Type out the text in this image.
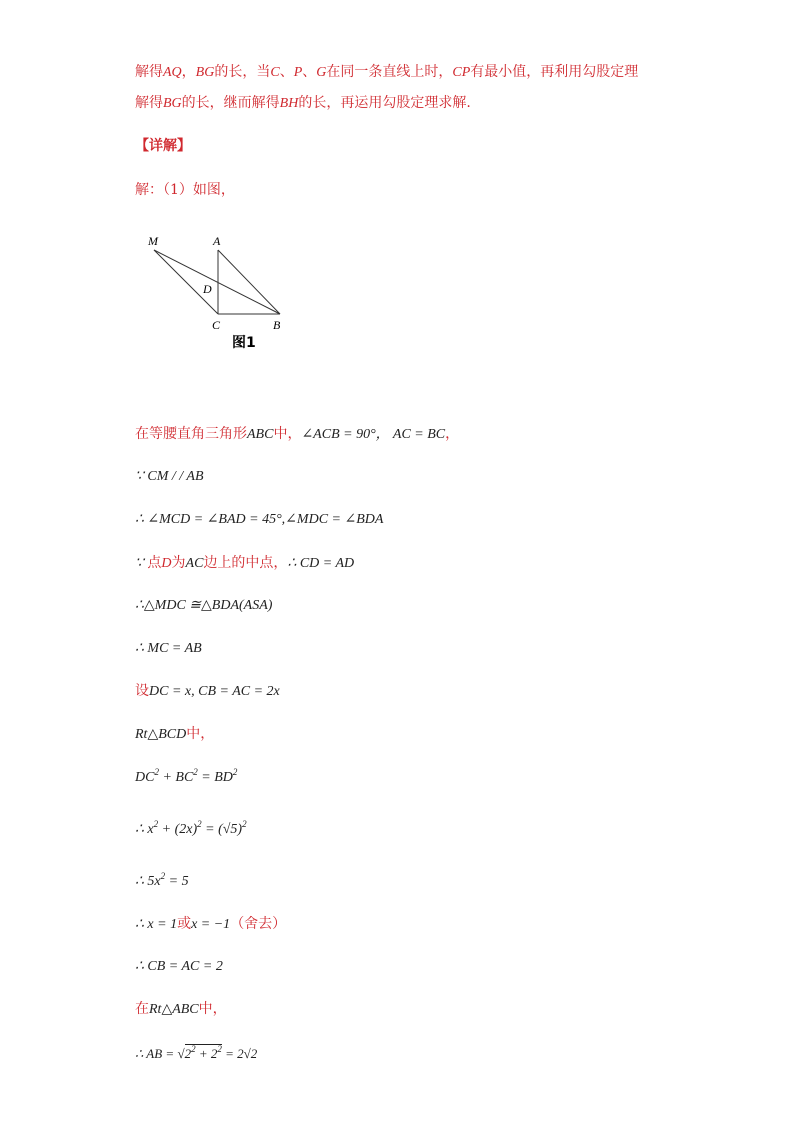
解得AQ，BG的长，当C、P、G在同一条直线上时，CP有最小值，再利用勾股定理
解得BG的长，继而解得BH的长，再运用勾股定理求解.
【详解】
解：（1）如图，
M	A
D
C	B
图1
在等腰直角三角形ABC中，∠ACB = 90°， AC = BC，
∵ CM / / AB
∴ ∠MCD = ∠BAD = 45°,∠MDC = ∠BDA
∵ 点D为AC边上的中点，∴ CD = AD
∴△MDC ≅△BDA(ASA)
∴ MC = AB
设DC = x, CB = AC = 2x
Rt△BCD中，
$DC^2 + BC^2 = BD^2$
∴ $x^2 + (2x)^2 = (√5)^2$
∴ $5x^2 = 5$
∴ x = 1或x = −1（舍去）
∴ CB = AC = 2
在Rt△ABC中，
∴ AB = $√2^2 + 2^2 = 2√2$
